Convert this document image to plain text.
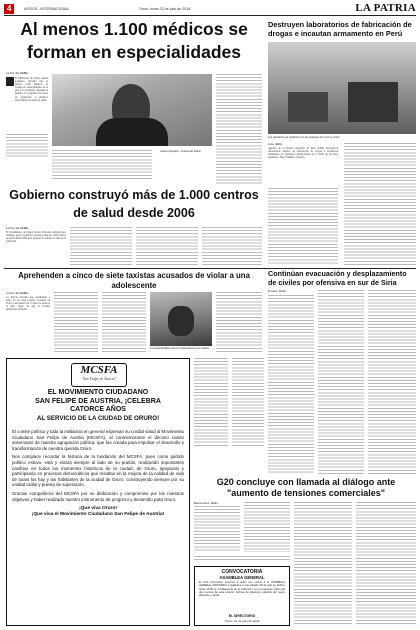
4	AVISOS - INTERNACIONAL	Oruro, lunes 23 de julio de 2018	LA PATRIA
Al menos 1.100 médicos se forman en especialidades
La Paz, (EL DEBE)-
El Ministerio de Salud, Ariana Campero, informó que al menos 1.100 médicos se forman en especialidades en el país y el extranjero. Durante su gestión, el programa de becas da formación a médicos especialistas en áreas de salud.
Ariana Campero, ministra de Salud.
Destruyen laboratorios de fabricación de drogas e incautan armamento en Perú
Los operativos se realizaron en las regiones de Cusco y Junín.
Lima, (EFE)-
Agentes de la Policía Nacional de Perú (PNP) destruyeron laboratorios ilegales de fabricación de drogas e incautaron armamento en operativos desarrollados en el Valle de los Ríos Apurímac, Ene y Mantaro (Vraem).
Gobierno construyó más de 1.000 centros de salud desde 2006
La Paz, (EL DEBE)-
El viceministro de Salud, Álvaro Terrazas, informó este domingo que el Gobierno construyó más de 1.000 centros de salud desde 2006 para mejorar la calidad de vida de la población.
Continúan evacuación y desplazamiento de civiles por ofensiva en sur de Siria
El Cairo, (EFE)-
Aprehenden a cinco de siete taxistas acusados de violar a una adolescente
La Paz, (EL DEBE)-
La Policía informó que aprehendió a cinco de los siete taxistas acusados de violar a una menor de 15 años de edad en el Alto, luego de que la víctima denunciara el hecho.
Los aprehendidos fueron presentados a los medios.
MCSFA
"San Felipe de Austria"
EL MOVIMIENTO CIUDADANO
SAN FELIPE DE AUSTRIA, ¡CELEBRA
CATORCE AÑOS
AL SERVICIO DE LA CIUDAD DE ORURO!

El comité político y toda la militancia en general expresan su cordial salud al Movimiento Ciudadano San Felipe de Austria (MCSFA), al conmemorarse el décimo cuarto aniversario de nuestra agrupación política, que fue creada para impulsar el desarrollo y transformación de nuestra querida Oruro.

Nos complace recordar la historia de la fundación del MCSFA, pues como partido político estuvo, está y estará siempre al lado de su pueblo, realizando importantes cambios en todos los momentos históricos de la ciudad, de Oruro, apoyando y participando en procesos democráticos que resultan en la mejora de la calidad de vida de todos los hay y las habitantes de la ciudad de Oruro, construyendo siempre por su unidad todas y puesta de superación.

Gracias compañeros del MCSFA por su dedicación y compromiso por los nuestros objetivos y haber realizado nuestro instrumento de progreso y desarrollo para Oruro.

¡Que viva Oruro!

¡Que viva el Movimiento Ciudadano San Felipe de Austria!

G20 concluye con llamada al diálogo ante "aumento de tensiones comerciales"
Buenos Aires, (EFE)-
CONVOCATORIA
ASAMBLEA GENERAL
El Club Ferroviario convoca a todos sus socios a la ASAMBLEA GENERAL ORDINARIA a realizarse el día sábado 28 de julio de 2018 a horas 15:00 en instalaciones de la institución, con el siguiente orden del día: Lectura del acta anterior, informe de directorio, elección del nuevo directorio y varios.
EL DIRECTORIO
Oruro, 22 de julio de 2018
